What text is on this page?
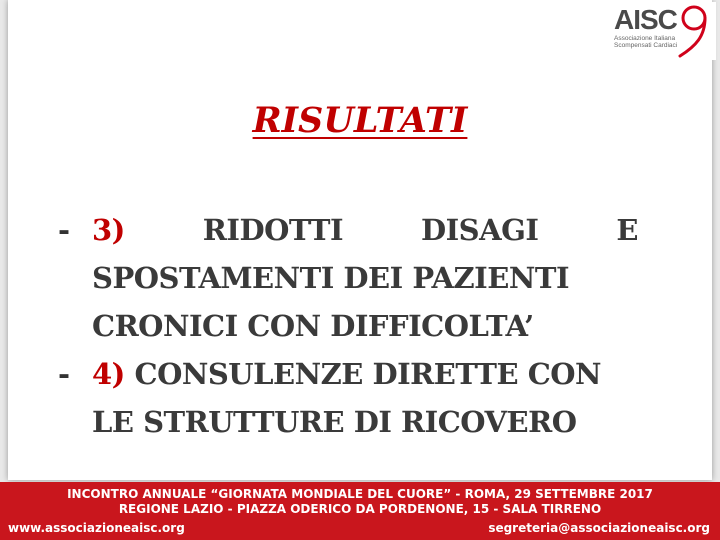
AISC
Associazione Italiana Scompensati Cardiaci
RISULTATI
- 3)	RIDOTTI	DISAGI	E
SPOSTAMENTI DEI PAZIENTI
CRONICI CON DIFFICOLTA’
- 4) CONSULENZE DIRETTE CON
LE STRUTTURE DI RICOVERO
INCONTRO ANNUALE “GIORNATA MONDIALE DEL CUORE” - ROMA, 29 SETTEMBRE 2017
REGIONE LAZIO - PIAZZA ODERICO DA PORDENONE, 15 - SALA TIRRENO
www.associazioneaisc.org	segreteria@associazioneaisc.org
